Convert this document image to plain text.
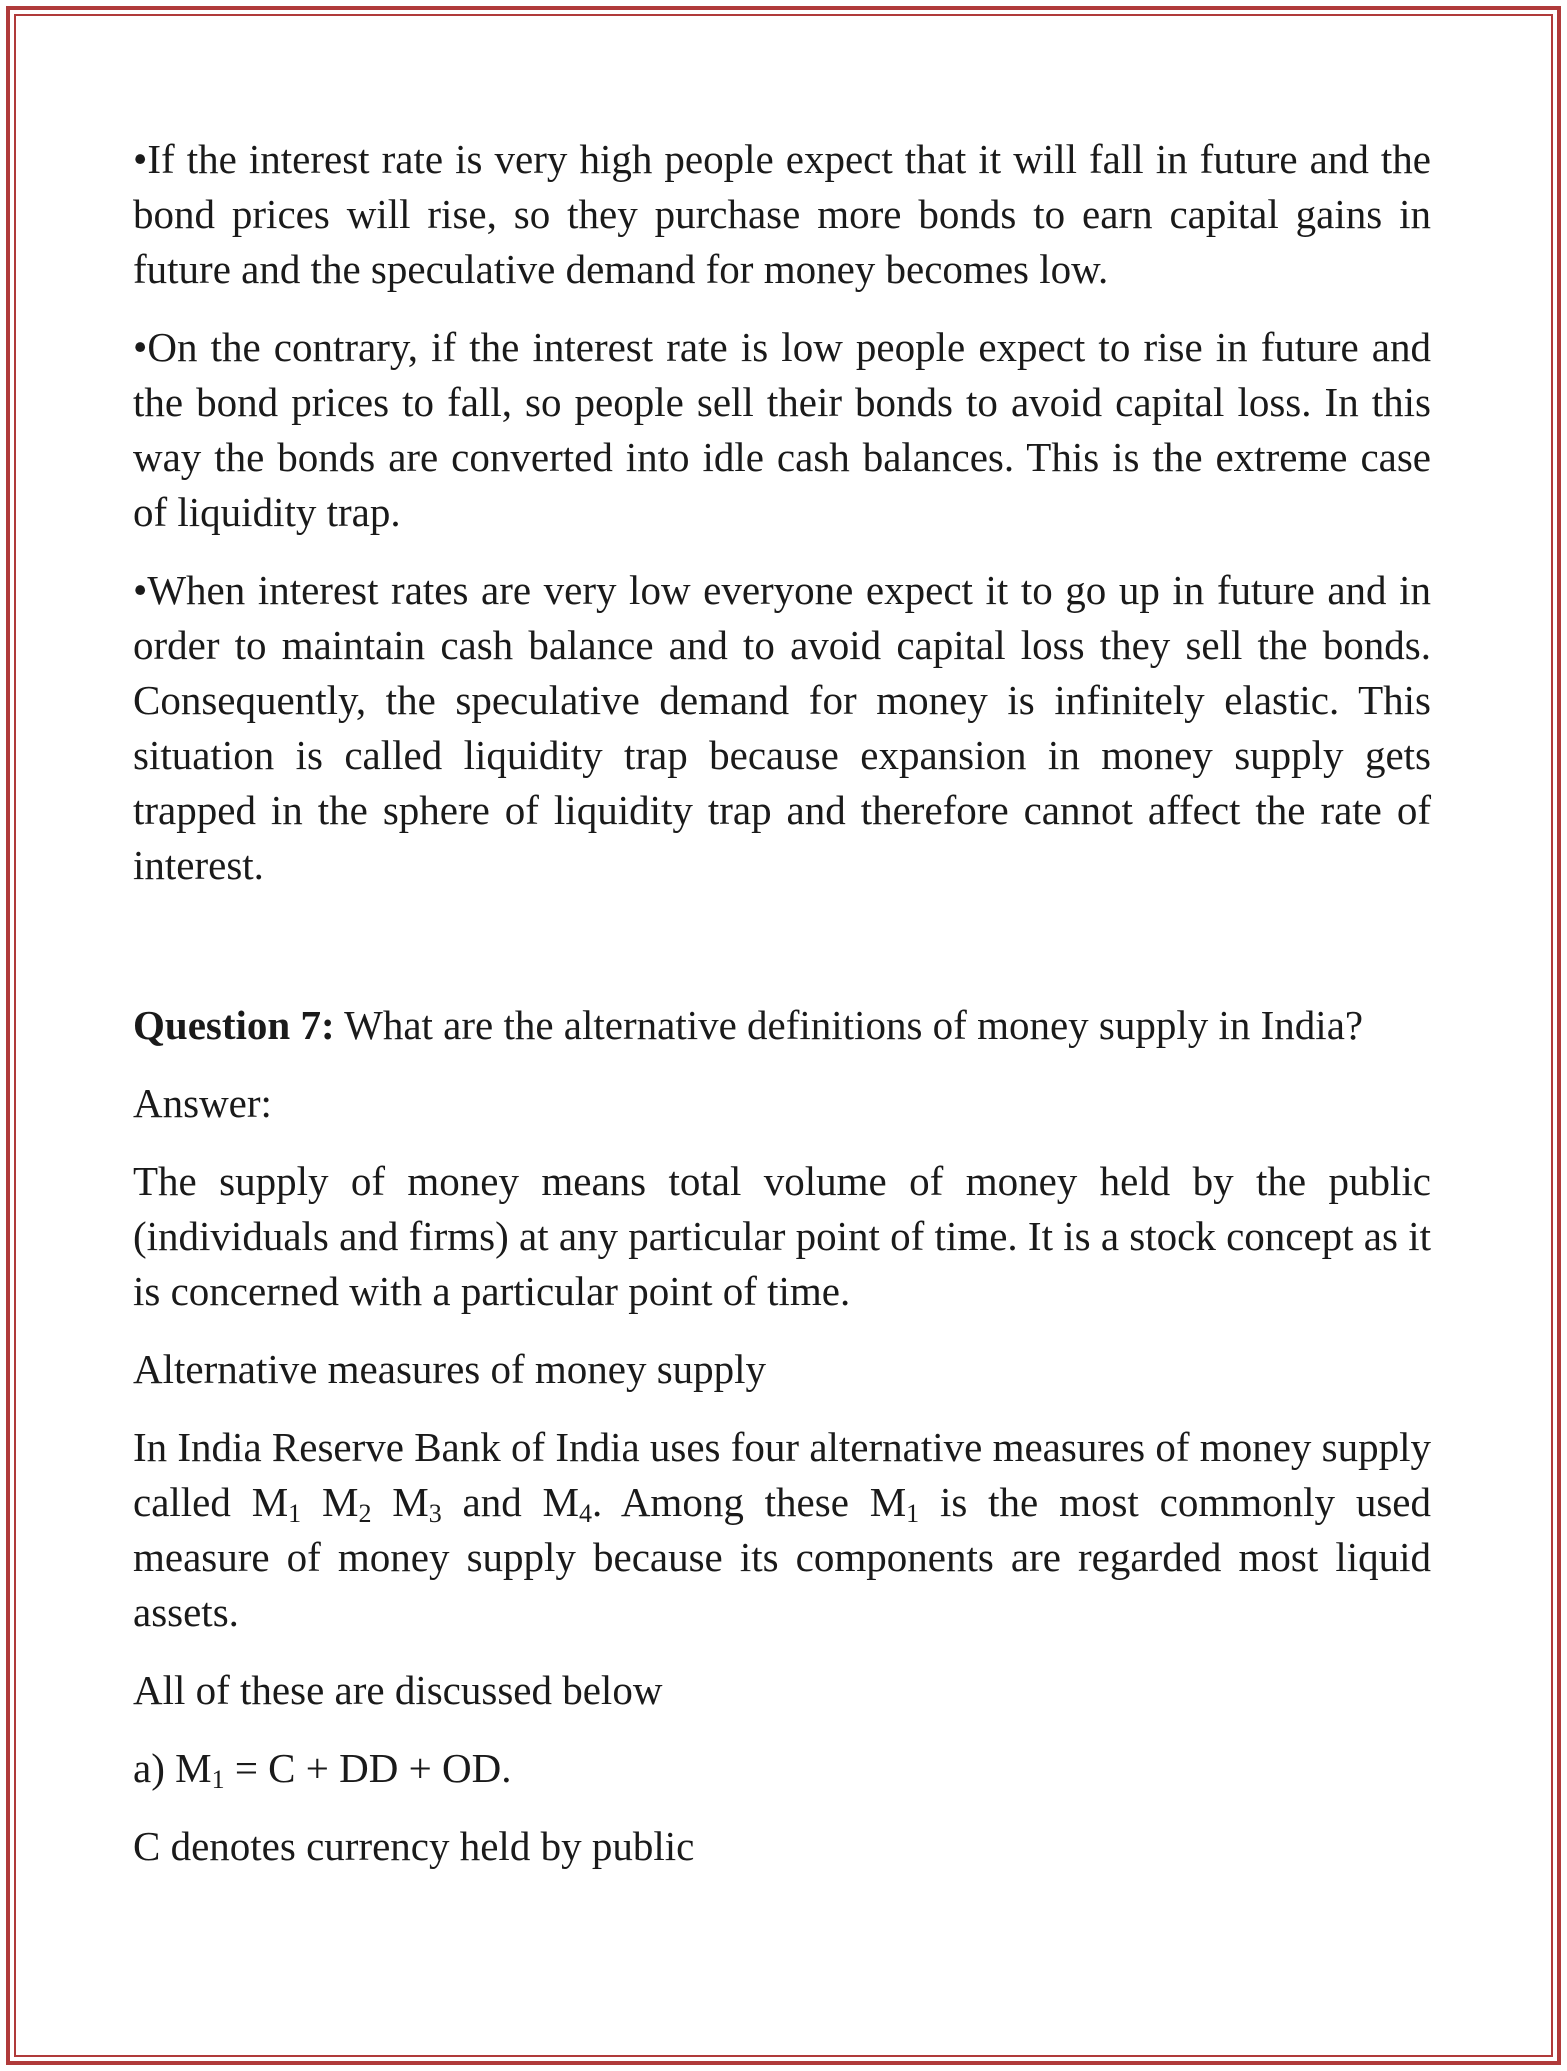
•If the interest rate is very high people expect that it will fall in future and the bond prices will rise, so they purchase more bonds to earn capital gains in future and the speculative demand for money becomes low.

•On the contrary, if the interest rate is low people expect to rise in future and the bond prices to fall, so people sell their bonds to avoid capital loss. In this way the bonds are converted into idle cash balances. This is the extreme case of liquidity trap.

•When interest rates are very low everyone expect it to go up in future and in order to maintain cash balance and to avoid capital loss they sell the bonds. Consequently, the speculative demand for money is infinitely elastic. This situation is called liquidity trap because expansion in money supply gets trapped in the sphere of liquidity trap and therefore cannot affect the rate of interest.

Question 7: What are the alternative definitions of money supply in India?

Answer:

The supply of money means total volume of money held by the public (individuals and firms) at any particular point of time. It is a stock concept as it is concerned with a particular point of time.

Alternative measures of money supply

In India Reserve Bank of India uses four alternative measures of money supply called $M_1$ $M_2$ $M_3$ and $M_4$. Among these $M_1$ is the most commonly used measure of money supply because its components are regarded most liquid assets.

All of these are discussed below

a) $M_1 = C$ + DD + OD.

C denotes currency held by public
